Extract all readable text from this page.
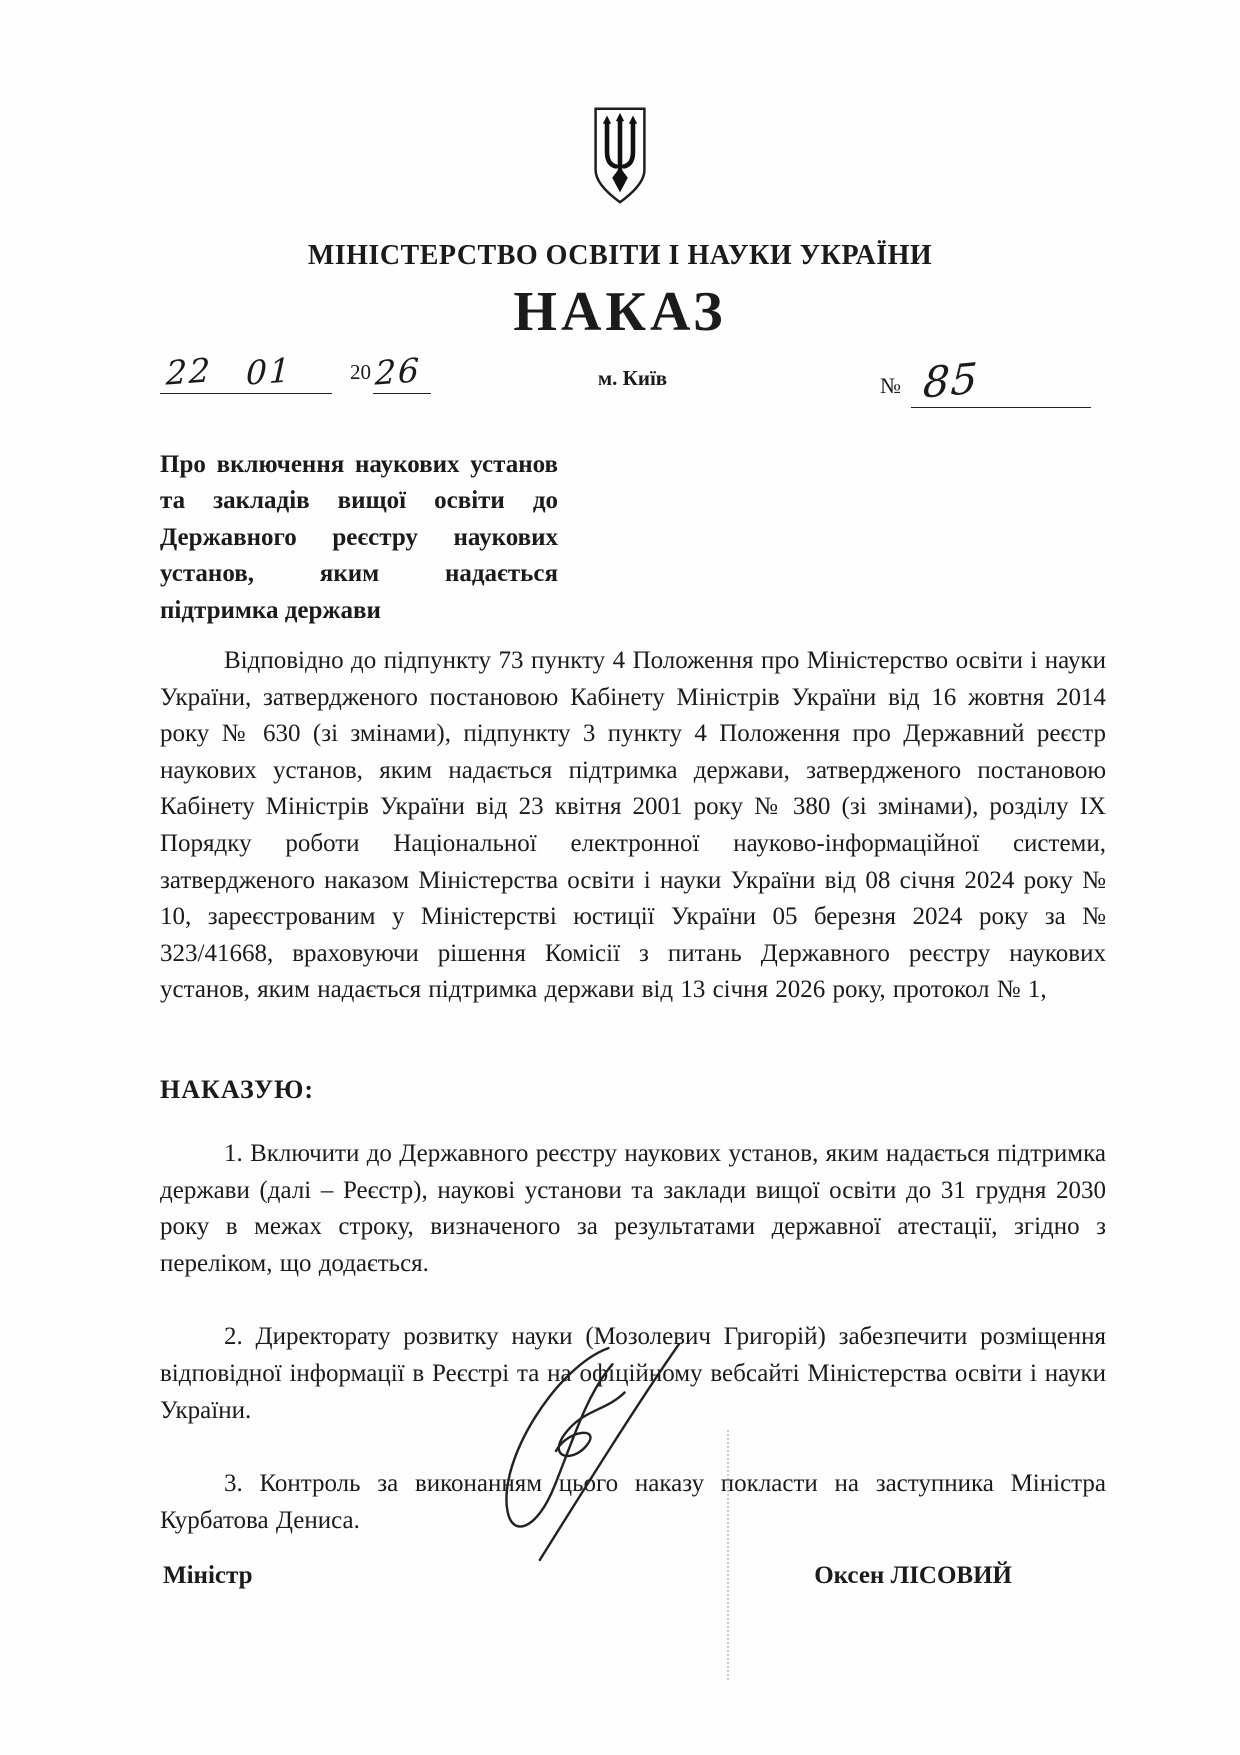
МІНІСТЕРСТВО ОСВІТИ І НАУКИ УКРАЇНИ
НАКАЗ
22 01	20 26	м. Київ	№ 85
Про включення наукових установ та закладів вищої освіти до Державного реєстру наукових установ, яким надається підтримка держави
Відповідно до підпункту 73 пункту 4 Положення про Міністерство освіти і науки України, затвердженого постановою Кабінету Міністрів України від 16 жовтня 2014 року № 630 (зі змінами), підпункту 3 пункту 4 Положення про Державний реєстр наукових установ, яким надається підтримка держави, затвердженого постановою Кабінету Міністрів України від 23 квітня 2001 року № 380 (зі змінами), розділу IX Порядку роботи Національної електронної науково-інформаційної системи, затвердженого наказом Міністерства освіти і науки України від 08 січня 2024 року № 10, зареєстрованим у Міністерстві юстиції України 05 березня 2024 року за № 323/41668, враховуючи рішення Комісії з питань Державного реєстру наукових установ, яким надається підтримка держави від 13 січня 2026 року, протокол № 1,
НАКАЗУЮ:

1. Включити до Державного реєстру наукових установ, яким надається підтримка держави (далі – Реєстр), наукові установи та заклади вищої освіти до 31 грудня 2030 року в межах строку, визначеного за результатами державної атестації, згідно з переліком, що додається.

2. Директорату розвитку науки (Мозолевич Григорій) забезпечити розміщення відповідної інформації в Реєстрі та на офіційному вебсайті Міністерства освіти і науки України.

3. Контроль за виконанням цього наказу покласти на заступника Міністра Курбатова Дениса.

Міністр	Оксен ЛІСОВИЙ
